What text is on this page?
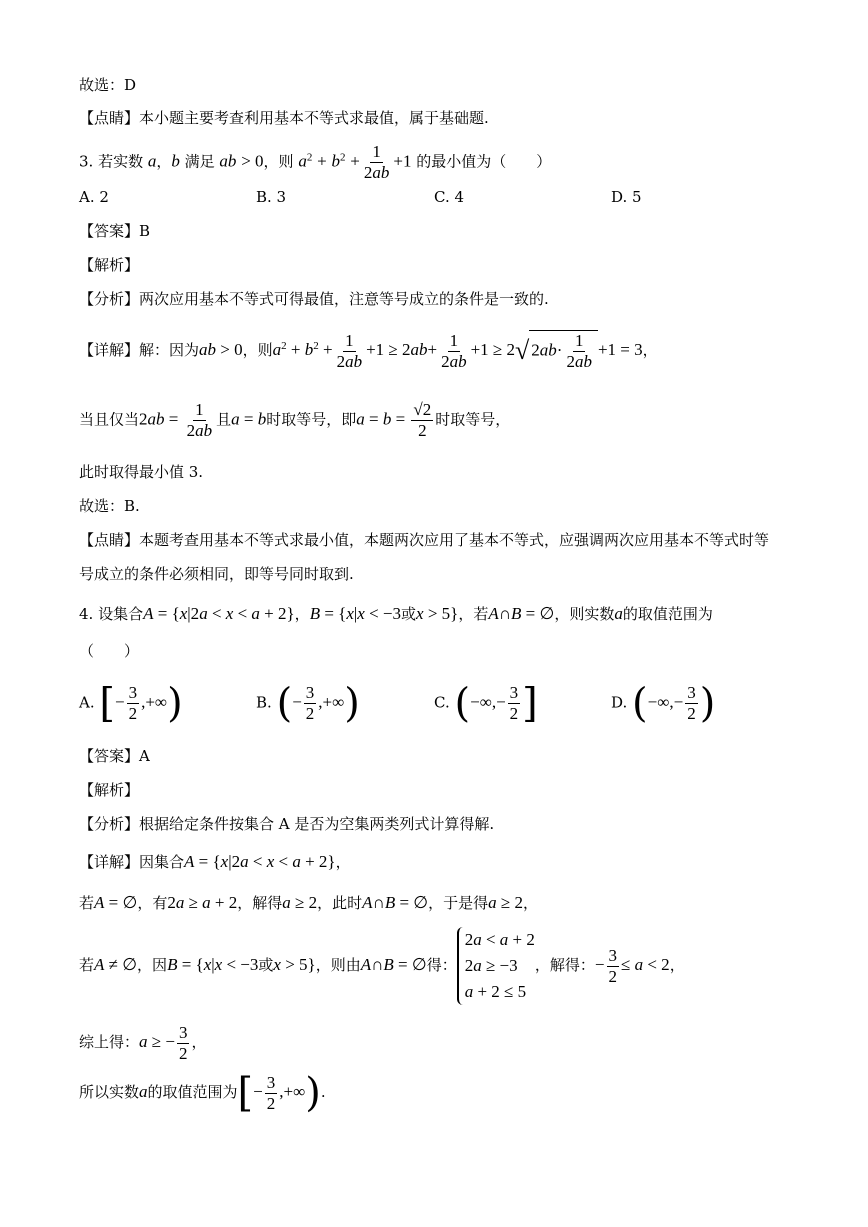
故选：D
【点睛】本小题主要考查利用基本不等式求最值，属于基础题.
3. 若实数 a，b 满足 ab > 0，则 $a^2 + b^2 + \frac{1}{2ab} +1$ 的最小值为（　　）
A. 2	B. 3	C. 4	D. 5
【答案】B
【解析】
【分析】两次应用基本不等式可得最值，注意等号成立的条件是一致的.
【详解】解：因为ab > 0，则$a^2 + b^2 + \frac{1}{2ab} +1 \ge 2ab+ \frac{1}{2ab} +1 \ge 2√$ $2ab\cdot \frac{1}{2ab} +1 = 3$，
当且仅当$2ab = \frac{1}{2ab}$ 且a = b时取等号，即$a = b = \frac{√2}{2}$ 时取等号，
此时取得最小值 3.
故选：B.
【点睛】本题考查用基本不等式求最小值，本题两次应用了基本不等式，应强调两次应用基本不等式时等
号成立的条件必须相同，即等号同时取到.
4. 设集合A = {x|2a < x < a + 2}，B = {x|x < −3或x > 5}，若A∩B = ∅，则实数a的取值范围为
（　　）
A. [− $\frac{3}{2}$ ,+∞)	B. (− $\frac{3}{2}$ ,+∞)	C. (−∞,− $\frac{3}{2}$ ]	D. (−∞,− $\frac{3}{2}$ )
【答案】A
【解析】
【分析】根据给定条件按集合 A 是否为空集两类列式计算得解.
【详解】因集合A = {x|2a < x < a + 2}，
若A = ∅，有2a ≥ a + 2，解得a ≥ 2，此时A∩B = ∅，于是得a ≥ 2，
若A ≠ ∅，因B = {x|x < −3或x > 5}，则由A∩B = ∅得：2a < a + 2
2a ≥ −3
a + 2 ≤ 5，解得：− $\frac{3}{2} \le a < 2$，
综上得：a ≥ − $\frac{3}{2}$ ，
所以实数a的取值范围为[− $\frac{3}{2}$ ,+∞).
